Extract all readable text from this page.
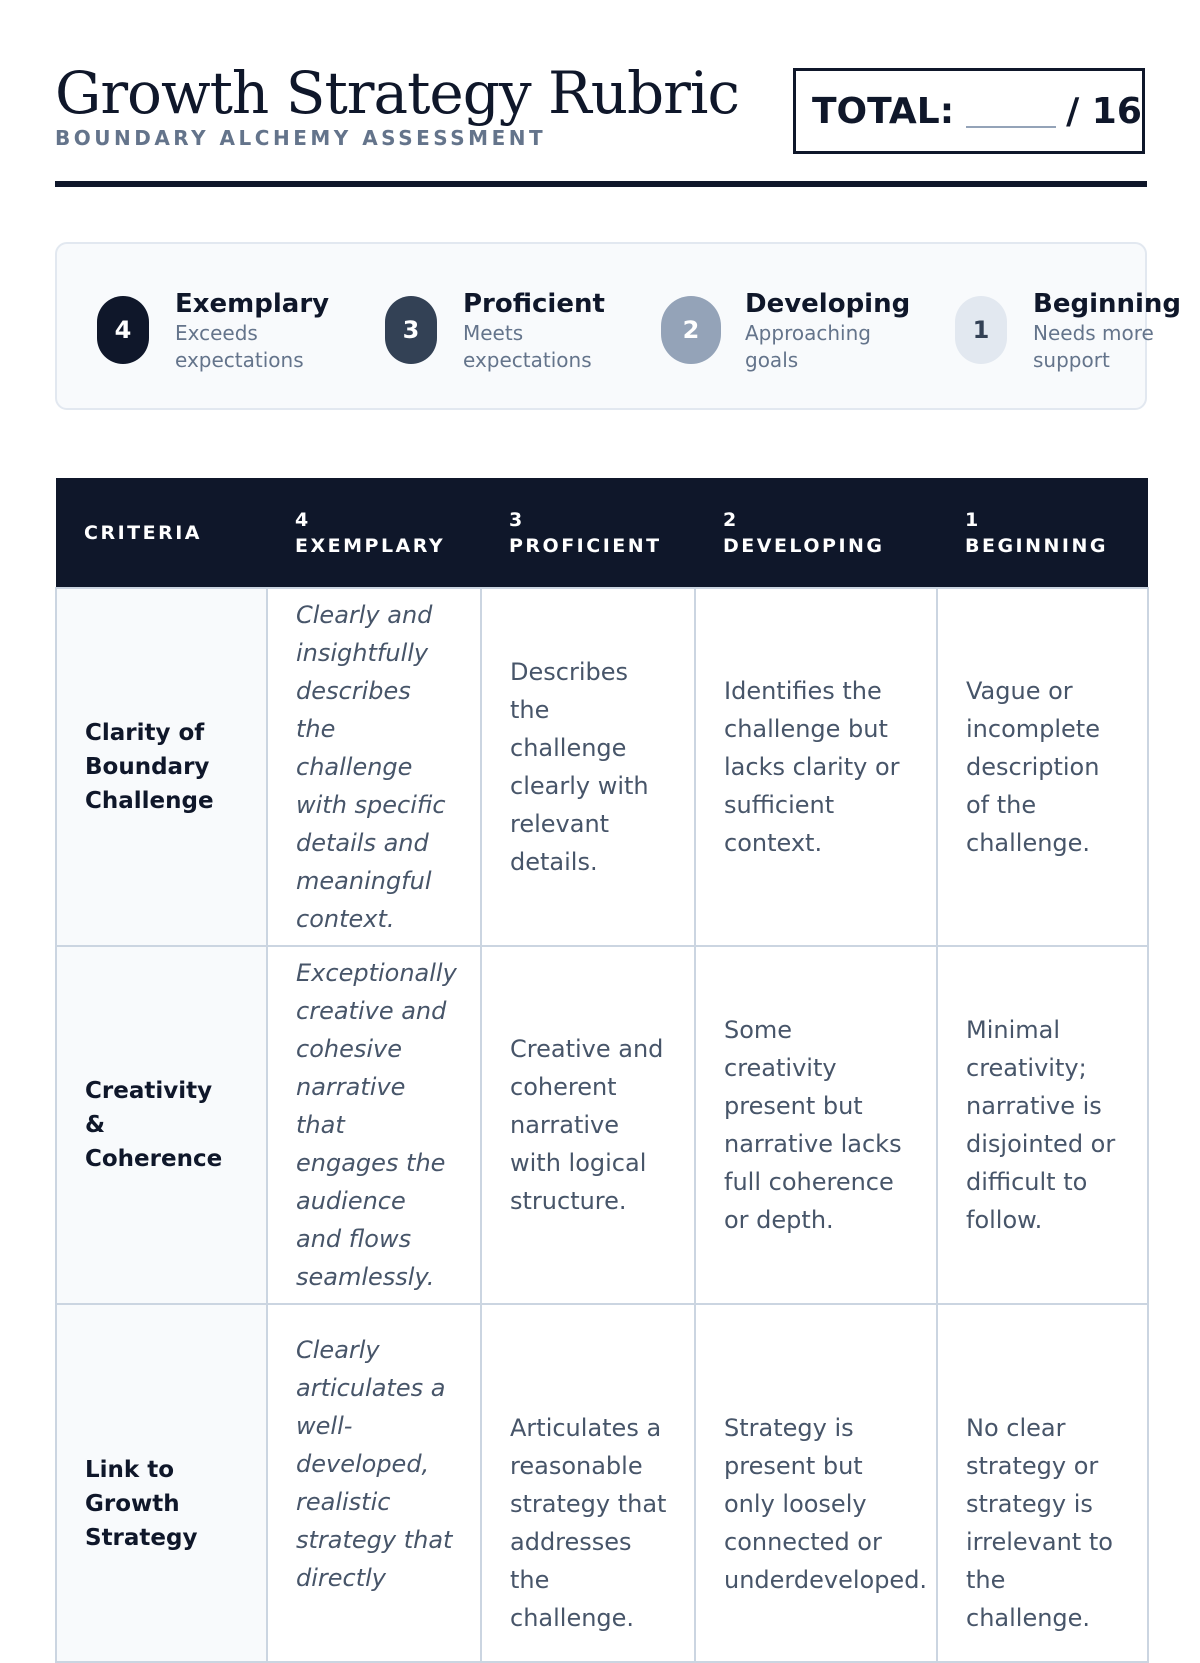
Growth Strategy Rubric
BOUNDARY ALCHEMY ASSESSMENT
TOTAL:	/ 16
4
Exemplary
Exceeds expectations
3
Proficient
Meets expectations
2
Developing
Approaching goals
1
Beginning
Needs more support
CRITERIA	4 EXEMPLARY	3 PROFICIENT	2 DEVELOPING	1 BEGINNING
Clarity of Boundary Challenge	Clearly and insightfully describes the challenge with specific details and meaningful context.	Describes the challenge clearly with relevant details.	Identifies the challenge but lacks clarity or sufficient context.	Vague or incomplete description of the challenge.
Creativity & Coherence	Exceptionally creative and cohesive narrative that engages the audience and flows seamlessly.	Creative and coherent narrative with logical structure.	Some creativity present but narrative lacks full coherence or depth.	Minimal creativity; narrative is disjointed or difficult to follow.
Link to Growth Strategy	Clearly articulates a well-developed, realistic strategy that directly	Articulates a reasonable strategy that addresses the challenge.	Strategy is present but only loosely connected or underdeveloped.	No clear strategy or strategy is irrelevant to the challenge.
